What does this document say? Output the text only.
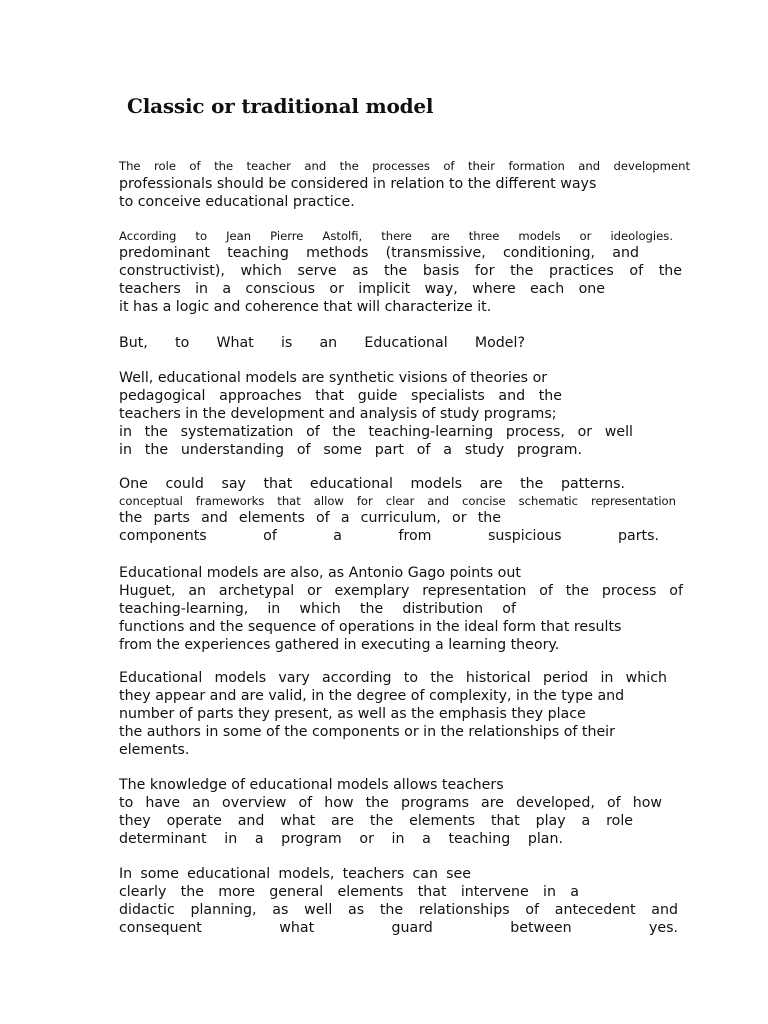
Classic or traditional model
The role of the teacher and the processes of their formation and development
professionals should be considered in relation to the different ways
to conceive educational practice.
According to Jean Pierre Astolfi, there are three models or ideologies.
predominant teaching methods (transmissive, conditioning, and
constructivist), which serve as the basis for the practices of the
teachers in a conscious or implicit way, where each one
it has a logic and coherence that will characterize it.
But, to What is an Educational Model?
Well, educational models are synthetic visions of theories or
pedagogical approaches that guide specialists and the
teachers in the development and analysis of study programs;
in the systematization of the teaching-learning process, or well
in the understanding of some part of a study program.
One could say that educational models are the patterns.
conceptual frameworks that allow for clear and concise schematic representation
the parts and elements of a curriculum, or the
components of a from suspicious parts.
Educational models are also, as Antonio Gago points out
Huguet, an archetypal or exemplary representation of the process of
teaching-learning, in which the distribution of
functions and the sequence of operations in the ideal form that results
from the experiences gathered in executing a learning theory.
Educational models vary according to the historical period in which
they appear and are valid, in the degree of complexity, in the type and
number of parts they present, as well as the emphasis they place
the authors in some of the components or in the relationships of their
elements.
The knowledge of educational models allows teachers
to have an overview of how the programs are developed, of how
they operate and what are the elements that play a role
determinant in a program or in a teaching plan.
In some educational models, teachers can see
clearly the more general elements that intervene in a
didactic planning, as well as the relationships of antecedent and
consequent what guard between yes.
